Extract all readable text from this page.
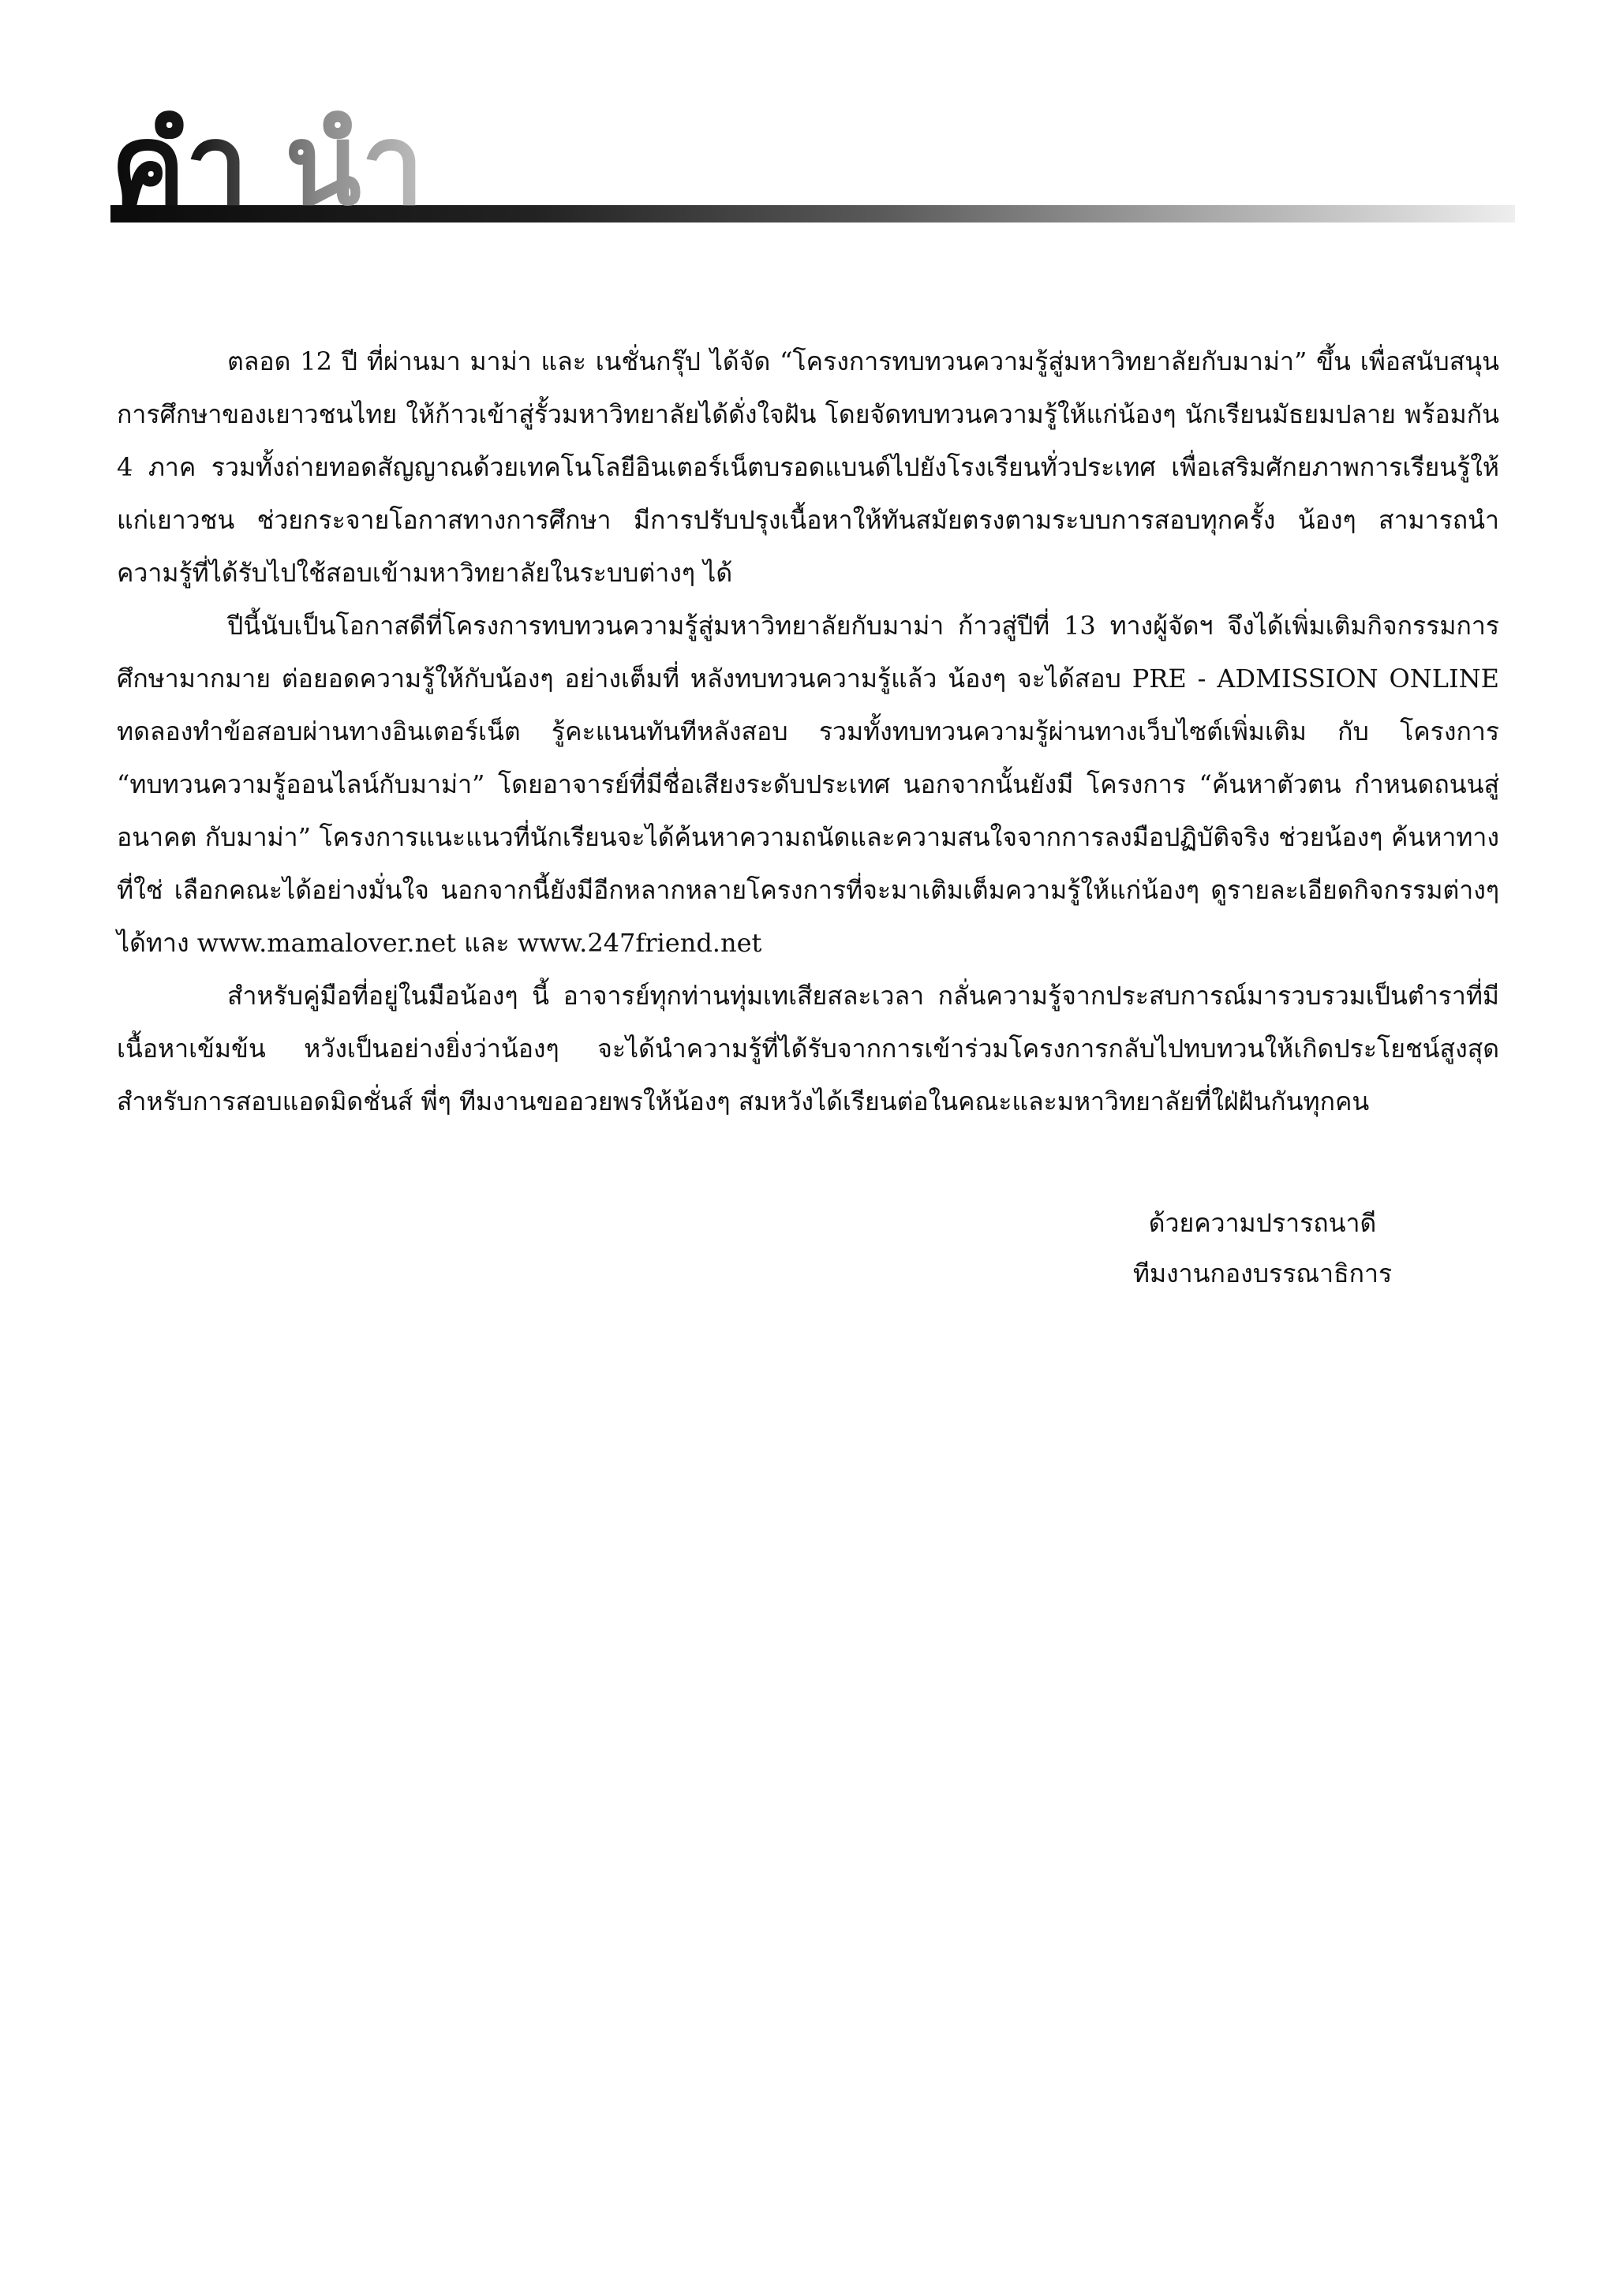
คำนำ

ตลอด 12 ปี ที่ผ่านมา มาม่า และ เนชั่นกรุ๊ป ได้จัด “โครงการทบทวนความรู้สู่มหาวิทยาลัยกับมาม่า” ขึ้น เพื่อสนับสนุนการศึกษาของเยาวชนไทย ให้ก้าวเข้าสู่รั้วมหาวิทยาลัยได้ดั่งใจฝัน โดยจัดทบทวนความรู้ให้แก่น้องๆ นักเรียนมัธยมปลาย พร้อมกัน 4 ภาค รวมทั้งถ่ายทอดสัญญาณด้วยเทคโนโลยีอินเตอร์เน็ตบรอดแบนด์ไปยังโรงเรียนทั่วประเทศ เพื่อเสริมศักยภาพการเรียนรู้ให้แก่เยาวชน ช่วยกระจายโอกาสทางการศึกษา มีการปรับปรุงเนื้อหาให้ทันสมัยตรงตามระบบการสอบทุกครั้ง น้องๆ สามารถนำความรู้ที่ได้รับไปใช้สอบเข้ามหาวิทยาลัยในระบบต่างๆ ได้

ปีนี้นับเป็นโอกาสดีที่โครงการทบทวนความรู้สู่มหาวิทยาลัยกับมาม่า ก้าวสู่ปีที่ 13 ทางผู้จัดฯ จึงได้เพิ่มเติมกิจกรรมการศึกษามากมาย ต่อยอดความรู้ให้กับน้องๆ อย่างเต็มที่ หลังทบทวนความรู้แล้ว น้องๆ จะได้สอบ PRE - ADMISSION ONLINE ทดลองทำข้อสอบผ่านทางอินเตอร์เน็ต รู้คะแนนทันทีหลังสอบ รวมทั้งทบทวนความรู้ผ่านทางเว็บไซต์เพิ่มเติม กับ โครงการ “ทบทวนความรู้ออนไลน์กับมาม่า” โดยอาจารย์ที่มีชื่อเสียงระดับประเทศ นอกจากนั้นยังมี โครงการ “ค้นหาตัวตน กำหนดถนนสู่อนาคต กับมาม่า” โครงการแนะแนวที่นักเรียนจะได้ค้นหาความถนัดและความสนใจจากการลงมือปฏิบัติจริง ช่วยน้องๆ ค้นหาทางที่ใช่ เลือกคณะได้อย่างมั่นใจ นอกจากนี้ยังมีอีกหลากหลายโครงการที่จะมาเติมเต็มความรู้ให้แก่น้องๆ ดูรายละเอียดกิจกรรมต่างๆ ได้ทาง www.mamalover.net และ www.247friend.net

สำหรับคู่มือที่อยู่ในมือน้องๆ นี้ อาจารย์ทุกท่านทุ่มเทเสียสละเวลา กลั่นความรู้จากประสบการณ์มารวบรวมเป็นตำราที่มีเนื้อหาเข้มข้น หวังเป็นอย่างยิ่งว่าน้องๆ จะได้นำความรู้ที่ได้รับจากการเข้าร่วมโครงการกลับไปทบทวนให้เกิดประโยชน์สูงสุดสำหรับการสอบแอดมิดชั่นส์ พี่ๆ ทีมงานขออวยพรให้น้องๆ สมหวังได้เรียนต่อในคณะและมหาวิทยาลัยที่ใฝ่ฝันกันทุกคน

ด้วยความปรารถนาดี
ทีมงานกองบรรณาธิการ
